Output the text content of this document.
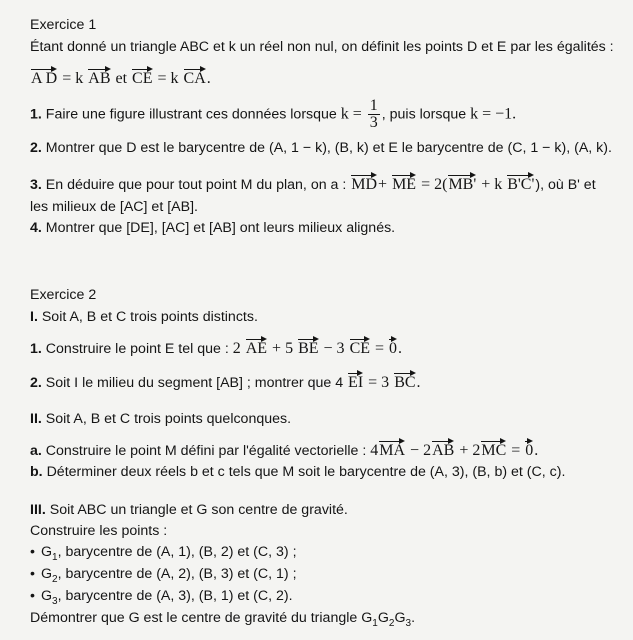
Exercice 1
Étant donné un triangle ABC et k un réel non nul, on définit les points D et E par les égalités :
A D = k AB et CE = k CA.
1. Faire une figure illustrant ces données lorsque $k = \frac{1}{3}$ , puis lorsque k = −1.
2. Montrer que D est le barycentre de (A, 1 − k), (B, k) et E le barycentre de (C, 1 − k), (A, k).
3. En déduire que pour tout point M du plan, on a : MD+ ME = 2(MB' + k B'C'), où B' et
les milieux de [AC] et [AB].
4. Montrer que [DE], [AC] et [AB] ont leurs milieux alignés.
Exercice 2
I. Soit A, B et C trois points distincts.
1. Construire le point E tel que : 2 AE + 5 BE − 3 CE = 0.
2. Soit I le milieu du segment [AB] ; montrer que 4 EI = 3 BC.
II. Soit A, B et C trois points quelconques.
a. Construire le point M défini par l'égalité vectorielle : 4MA − 2AB + 2MC = 0.
b. Déterminer deux réels b et c tels que M soit le barycentre de (A, 3), (B, b) et (C, c).
III. Soit ABC un triangle et G son centre de gravité.
Construire les points :
• $G_1$, barycentre de (A, 1), (B, 2) et (C, 3) ;
• $G_2$, barycentre de (A, 2), (B, 3) et (C, 1) ;
• $G_3$, barycentre de (A, 3), (B, 1) et (C, 2).
Démontrer que G est le centre de gravité du triangle $G_1G_2G_3$.
